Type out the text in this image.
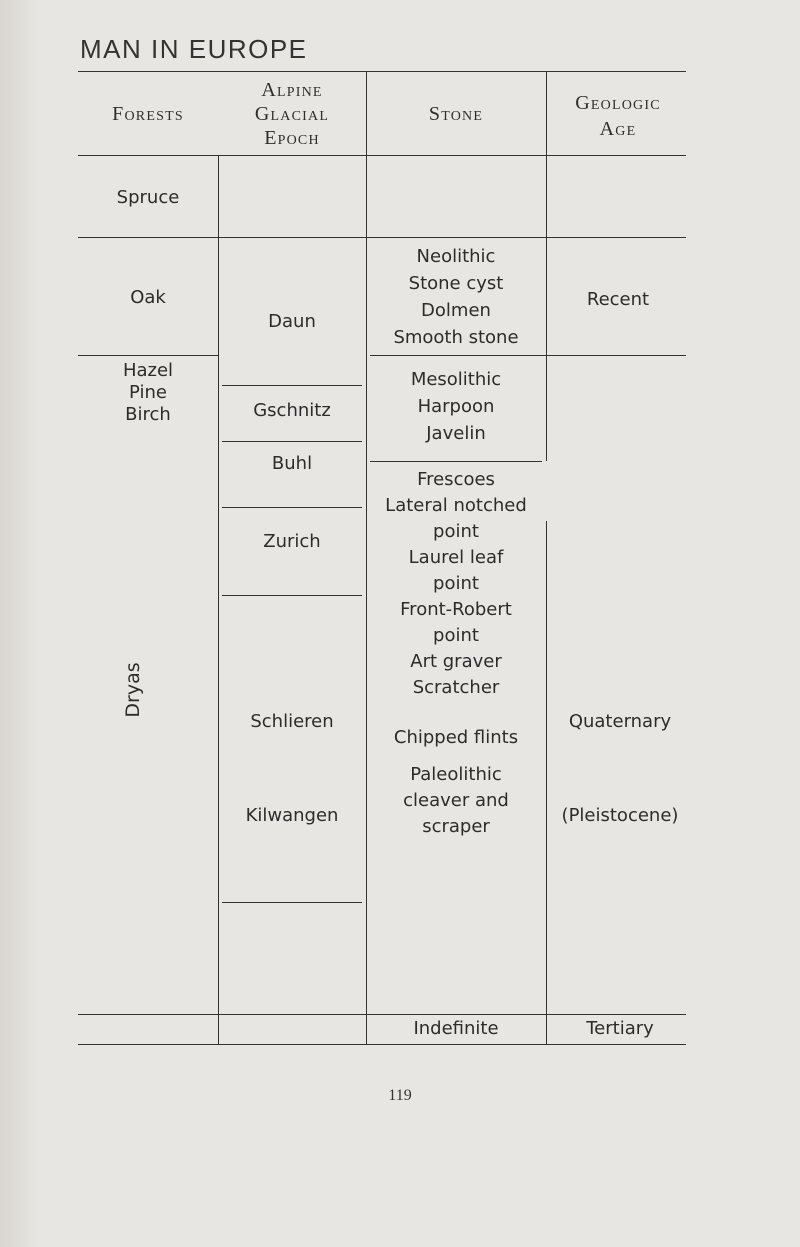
MAN IN EUROPE
Forests
Alpine
Glacial
Epoch
Stone	Geologic
Age
Spruce
Oak
Hazel
Pine
Birch
Dryas
Daun
Gschnitz
Buhl
Zurich
Schlieren
Kilwangen
Neolithic
Stone cyst
Dolmen
Smooth stone
Mesolithic
Harpoon
Javelin
Frescoes
Lateral notched
point
Laurel leaf
point
Front-Robert
point
Art graver
Scratcher
Chipped flints
Paleolithic
cleaver and
scraper
Indefinite
Recent
Quaternary
(Pleistocene)
Tertiary
119
